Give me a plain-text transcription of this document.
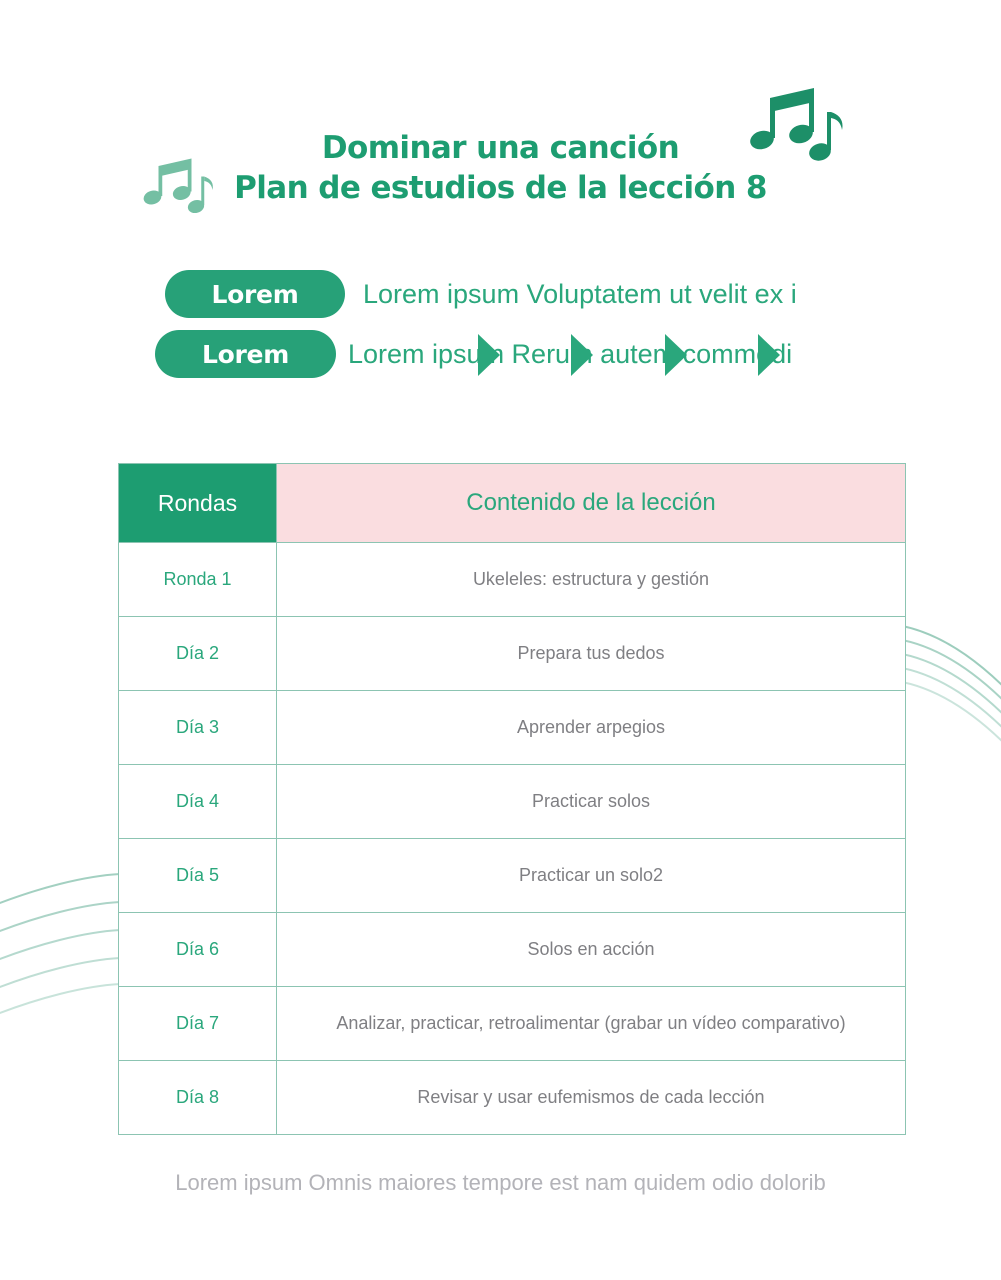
Dominar una canción
Plan de estudios de la lección 8
Lorem	Lorem ipsum Voluptatem ut velit ex i
Lorem	Lorem ipsum Rerum autem commodi
Rondas	Contenido de la lección
Ronda 1	Ukeleles: estructura y gestión
Día 2	Prepara tus dedos
Día 3	Aprender arpegios
Día 4	Practicar solos
Día 5	Practicar un solo2
Día 6	Solos en acción
Día 7	Analizar, practicar, retroalimentar (grabar un vídeo comparativo)
Día 8	Revisar y usar eufemismos de cada lección
Lorem ipsum Omnis maiores tempore est nam quidem odio dolorib
